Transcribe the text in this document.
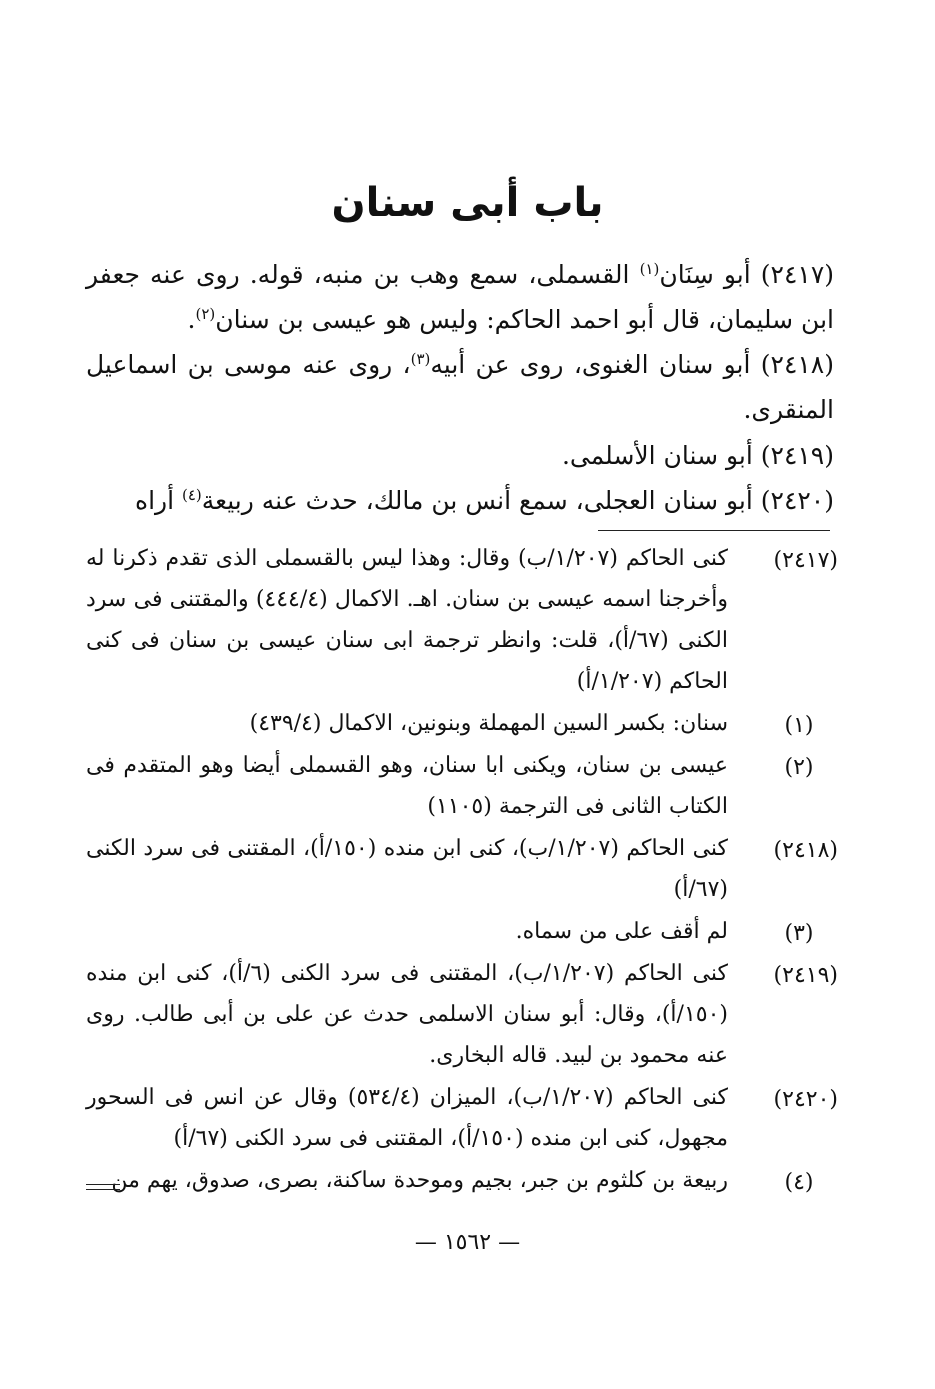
باب أبى سنان

(٢٤١٧) أبو سِنَان$^{(١)}$ القسملى، سمع وهب بن منبه، قوله. روى عنه جعفر ابن سليمان، قال أبو احمد الحاكم: وليس هو عيسى بن سنان$^{(٢)}$.

(٢٤١٨) أبو سنان الغنوى، روى عن أبيه$^{(٣)}$، روى عنه موسى بن اسماعيل المنقرى.

(٢٤١٩) أبو سنان الأسلمى.

(٢٤٢٠) أبو سنان العجلى، سمع أنس بن مالك، حدث عنه ربيعة$^{(٤)}$ أراه

(٢٤١٧)
كنى الحاكم (١/٢٠٧/ب) وقال: وهذا ليس بالقسملى الذى تقدم ذكرنا له وأخرجنا اسمه عيسى بن سنان. اهـ. الاكمال (٤٤٤/٤) والمقتنى فى سرد الكنى (٦٧/أ)، قلت: وانظر ترجمة ابى سنان عيسى بن سنان فى كنى الحاكم (١/٢٠٧/أ)

(١)
سنان: بكسر السين المهملة وبنونين، الاكمال (٤٣٩/٤)

(٢)
عيسى بن سنان، ويكنى ابا سنان، وهو القسملى أيضا وهو المتقدم فى الكتاب الثانى فى الترجمة (١١٠٥)

(٢٤١٨)
كنى الحاكم (١/٢٠٧/ب)، كنى ابن منده (١٥٠/أ)، المقتنى فى سرد الكنى (٦٧/أ)

(٣)
لم أقف على من سماه.

(٢٤١٩)
كنى الحاكم (١/٢٠٧/ب)، المقتنى فى سرد الكنى (٦/أ)، كنى ابن منده (١٥٠/أ)، وقال: أبو سنان الاسلمى حدث عن على بن أبى طالب. روى عنه محمود بن لبيد. قاله البخارى.

(٢٤٢٠)
كنى الحاكم (١/٢٠٧/ب)، الميزان (٥٣٤/٤) وقال عن انس فى السحور مجهول، كنى ابن منده (١٥٠/أ)، المقتنى فى سرد الكنى (٦٧/أ)

(٤)
ربيعة بن كلثوم بن جبر، بجيم وموحدة ساكنة، بصرى، صدوق، يهم من

— ١٥٦٢ —
